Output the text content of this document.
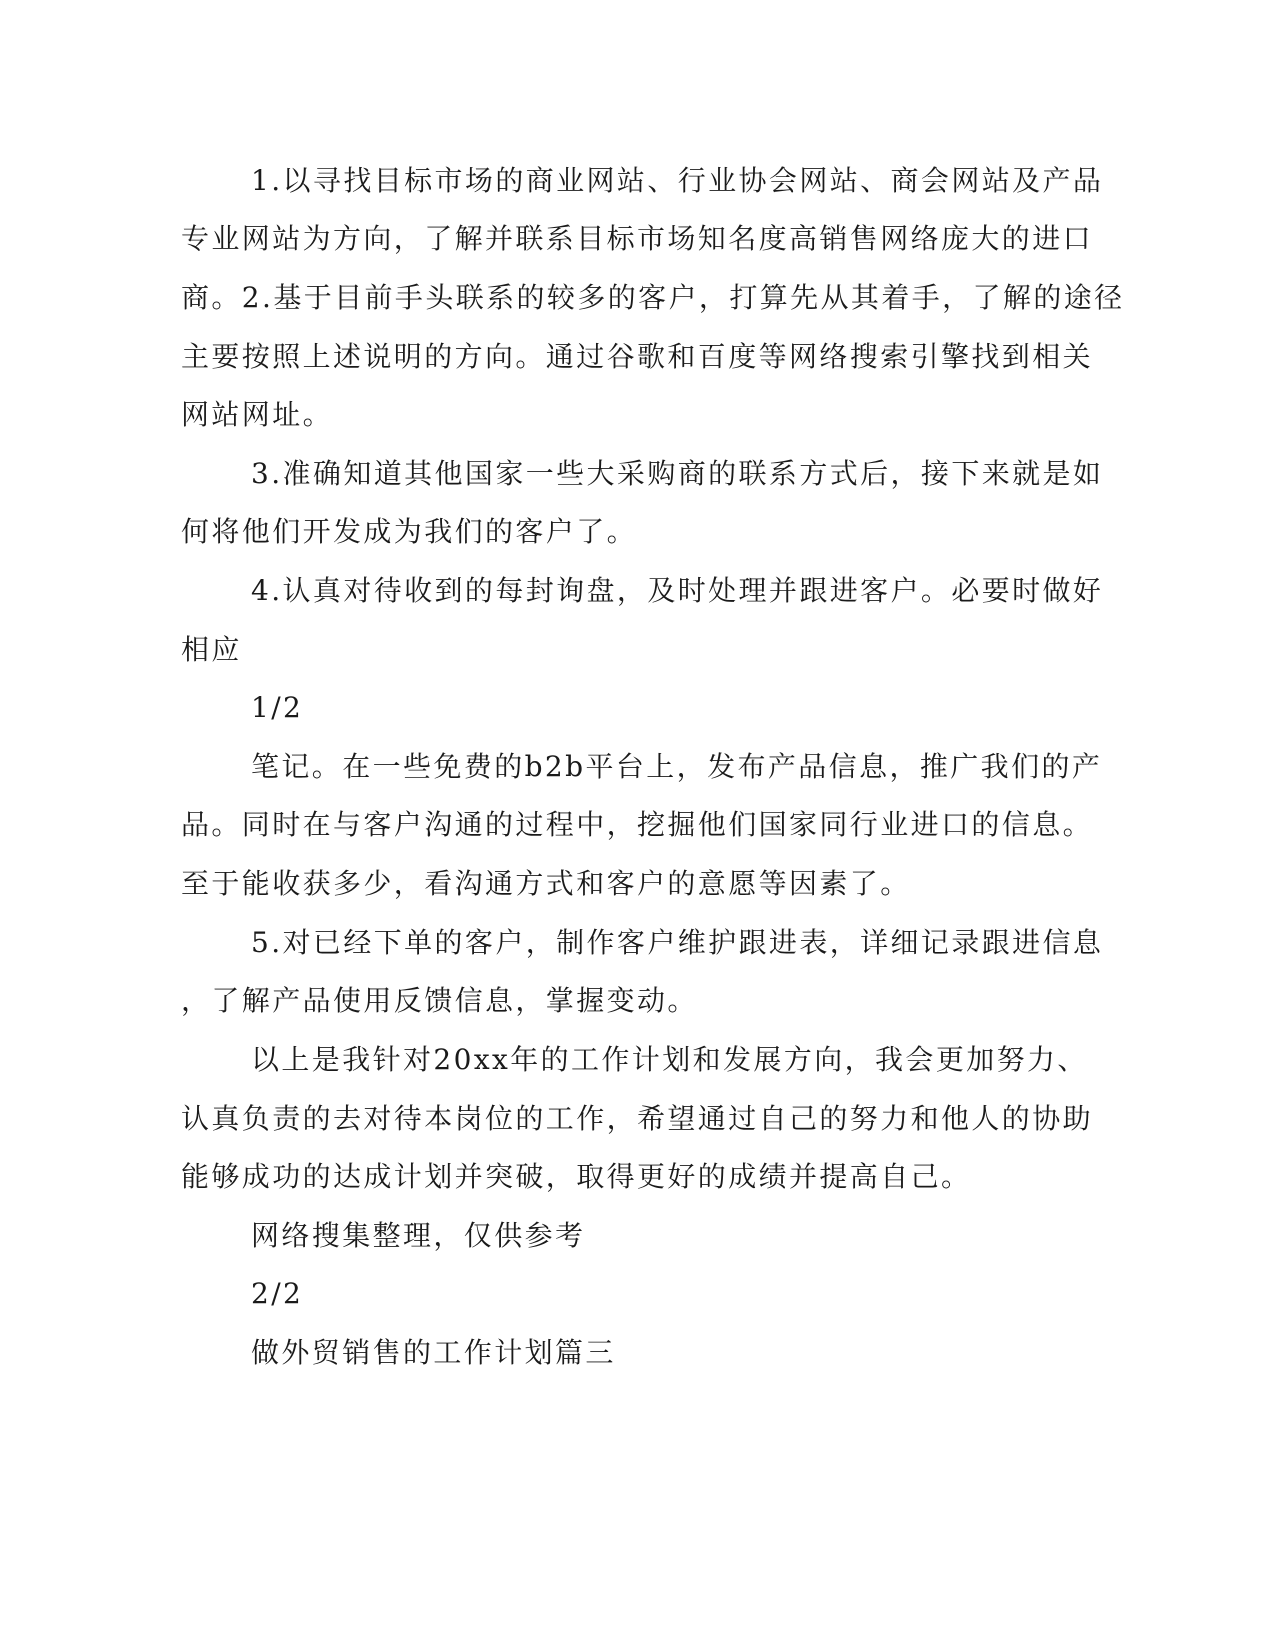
1.以寻找目标市场的商业网站、行业协会网站、商会网站及产品
专业网站为方向，了解并联系目标市场知名度高销售网络庞大的进口
商。2.基于目前手头联系的较多的客户，打算先从其着手，了解的途径
主要按照上述说明的方向。通过谷歌和百度等网络搜索引擎找到相关
网站网址。
3.准确知道其他国家一些大采购商的联系方式后，接下来就是如
何将他们开发成为我们的客户了。
4.认真对待收到的每封询盘，及时处理并跟进客户。必要时做好
相应
1/2
笔记。在一些免费的b2b平台上，发布产品信息，推广我们的产
品。同时在与客户沟通的过程中，挖掘他们国家同行业进口的信息。
至于能收获多少，看沟通方式和客户的意愿等因素了。
5.对已经下单的客户，制作客户维护跟进表，详细记录跟进信息
，了解产品使用反馈信息，掌握变动。
以上是我针对20xx年的工作计划和发展方向，我会更加努力、
认真负责的去对待本岗位的工作，希望通过自己的努力和他人的协助
能够成功的达成计划并突破，取得更好的成绩并提高自己。
网络搜集整理，仅供参考
2/2
做外贸销售的工作计划篇三
